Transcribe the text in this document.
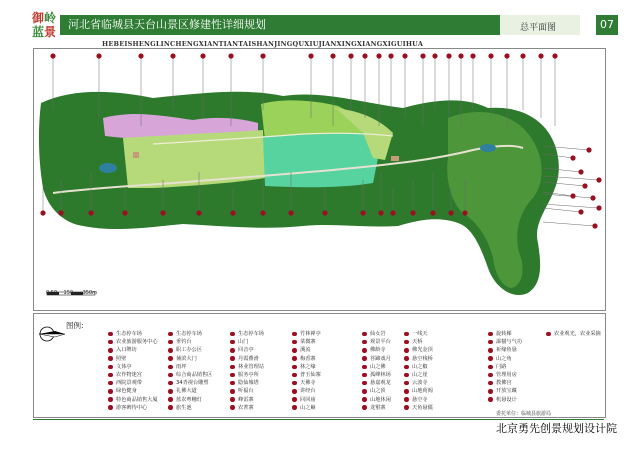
御岭
蓝景
河北省临城县天台山景区修建性详细规划	总平面图	07
HEBEISHENGLINCHENGXIANTIANTAISHANJINGQUXIUJIANXINGXIANGXIGUIHUA
0 50 150 350m
图例:
生态停车场
农业旅游服务中心
入口牌坊
照壁
文体亭
农作物迷宫
西院景观带
绿色健身
特色商品销售大厦
游客碑待中心
生态停车场
垂钓台
职工办公区
蒹滨大门
雨坪
综合商品销售区
34青视台雕塑
礼佛大道
蓝农粤穗灯
旅生池
生态停车场
山门
回音亭
丹霞叠滑
林业管理站
服务亭所
隐仙墟塔
听福台
峰雷寨
农菁寨
竹林禅亭
菜微寨
溪流
梅香寨
林之缘
普玉仙寨
天佛寺
讲经台
回回庙
山之巅
仙女岩
观景平台
佛龄寺
菩蹄戏月
山之佛
孤峰林场
悬嘉观龙
山之顶
山地休闲
龙壑寨
一线天
天桥
佛光金顶
悬空栈桥
山之椒
山之崖
云波寺
山地荷阁
悬空寺
天鱼悬僵
旋转梯
瀑猫与气功
祈缘鱼悬
山之角
闩路
管理用房
教佛宫
开放宝藏
机悬设计
农业观光，农业采摘
委托单位：临城县旅游局
北京勇先创景规划设计院
